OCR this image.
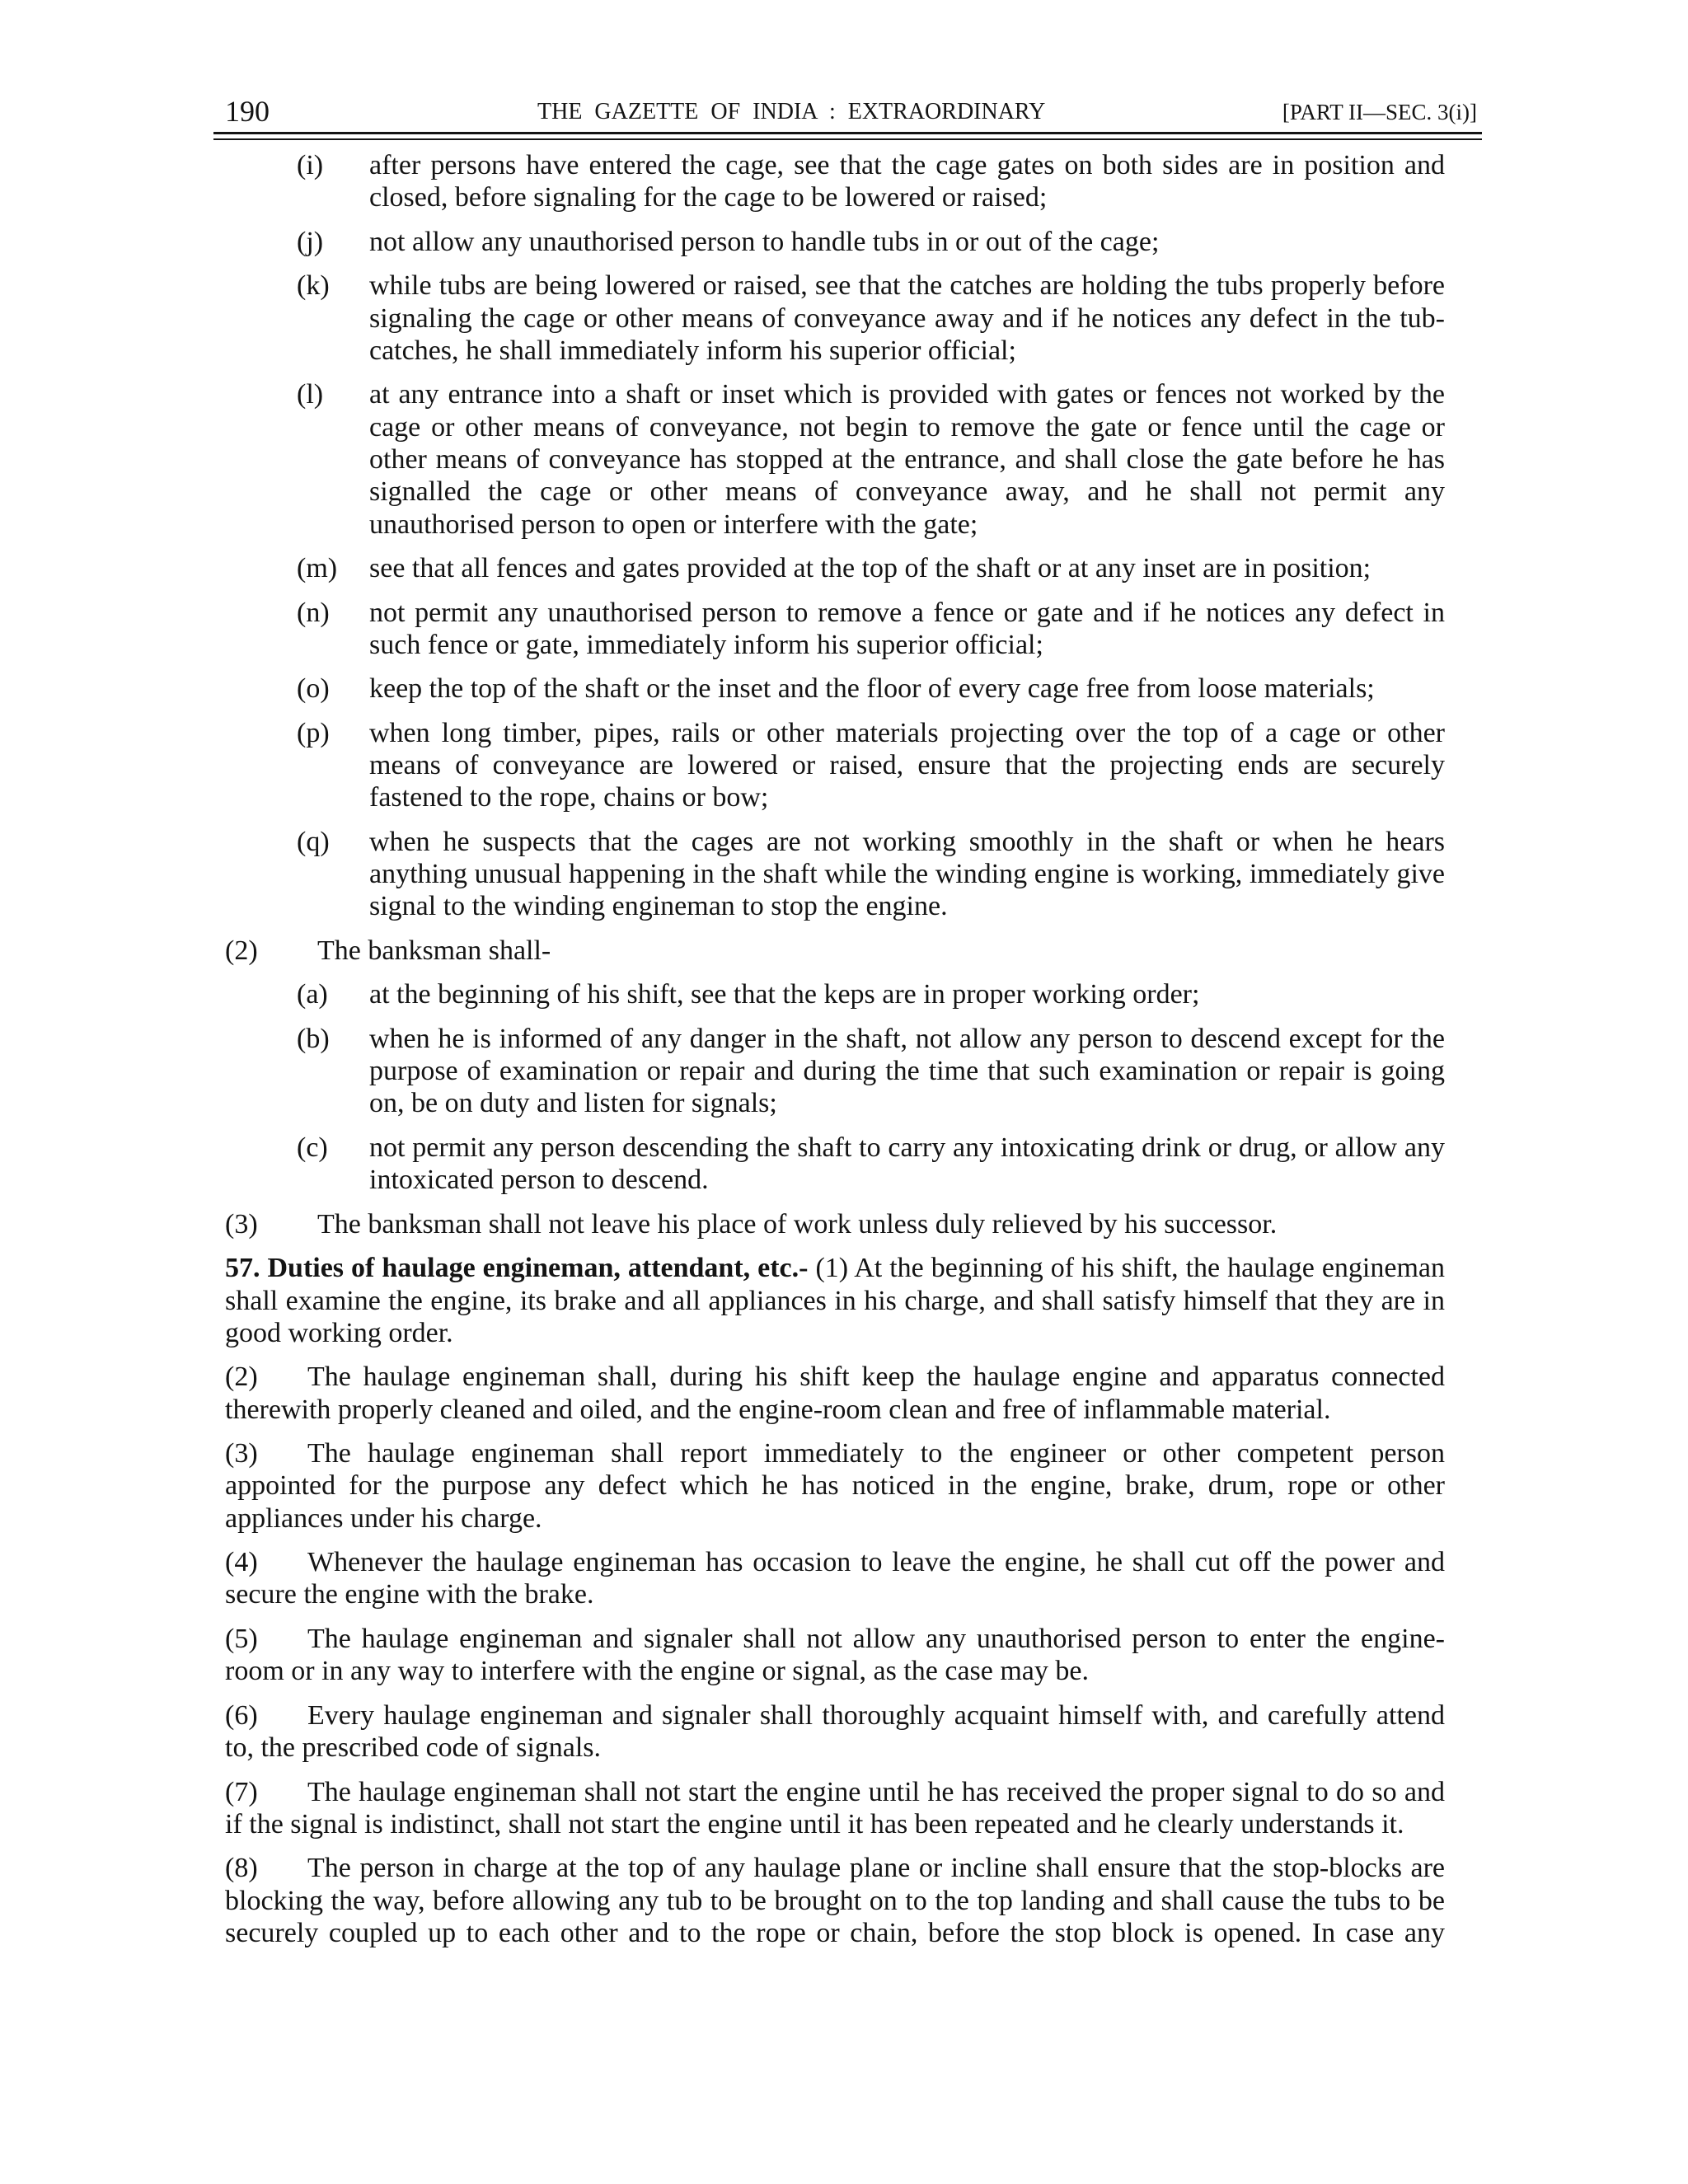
190	THE GAZETTE OF INDIA : EXTRAORDINARY	[PART II—SEC. 3(i)]
(i)	after persons have entered the cage, see that the cage gates on both sides are in position and closed, before signaling for the cage to be lowered or raised;
(j)	not allow any unauthorised person to handle tubs in or out of the cage;
(k)	while tubs are being lowered or raised, see that the catches are holding the tubs properly before signaling the cage or other means of conveyance away and if he notices any defect in the tub-catches, he shall immediately inform his superior official;
(l)	at any entrance into a shaft or inset which is provided with gates or fences not worked by the cage or other means of conveyance, not begin to remove the gate or fence until the cage or other means of conveyance has stopped at the entrance, and shall close the gate before he has signalled the cage or other means of conveyance away, and he shall not permit any unauthorised person to open or interfere with the gate;
(m)	see that all fences and gates provided at the top of the shaft or at any inset are in position;
(n)	not permit any unauthorised person to remove a fence or gate and if he notices any defect in such fence or gate, immediately inform his superior official;
(o)	keep the top of the shaft or the inset and the floor of every cage free from loose materials;
(p)	when long timber, pipes, rails or other materials projecting over the top of a cage or other means of conveyance are lowered or raised, ensure that the projecting ends are securely fastened to the rope, chains or bow;
(q)	when he suspects that the cages are not working smoothly in the shaft or when he hears anything unusual happening in the shaft while the winding engine is working, immediately give signal to the winding engineman to stop the engine.
(2) The banksman shall-
(a)	at the beginning of his shift, see that the keps are in proper working order;
(b)	when he is informed of any danger in the shaft, not allow any person to descend except for the purpose of examination or repair and during the time that such examination or repair is going on, be on duty and listen for signals;
(c)	not permit any person descending the shaft to carry any intoxicating drink or drug, or allow any intoxicated person to descend.
(3) The banksman shall not leave his place of work unless duly relieved by his successor.
57. Duties of haulage engineman, attendant, etc.- (1) At the beginning of his shift, the haulage engineman shall examine the engine, its brake and all appliances in his charge, and shall satisfy himself that they are in good working order.
(2) The haulage engineman shall, during his shift keep the haulage engine and apparatus connected therewith properly cleaned and oiled, and the engine-room clean and free of inflammable material.
(3) The haulage engineman shall report immediately to the engineer or other competent person appointed for the purpose any defect which he has noticed in the engine, brake, drum, rope or other appliances under his charge.
(4) Whenever the haulage engineman has occasion to leave the engine, he shall cut off the power and secure the engine with the brake.
(5) The haulage engineman and signaler shall not allow any unauthorised person to enter the engine-room or in any way to interfere with the engine or signal, as the case may be.
(6) Every haulage engineman and signaler shall thoroughly acquaint himself with, and carefully attend to, the prescribed code of signals.
(7) The haulage engineman shall not start the engine until he has received the proper signal to do so and if the signal is indistinct, shall not start the engine until it has been repeated and he clearly understands it.
(8) The person in charge at the top of any haulage plane or incline shall ensure that the stop-blocks are blocking the way, before allowing any tub to be brought on to the top landing and shall cause the tubs to be securely coupled up to each other and to the rope or chain, before the stop block is opened. In case any
